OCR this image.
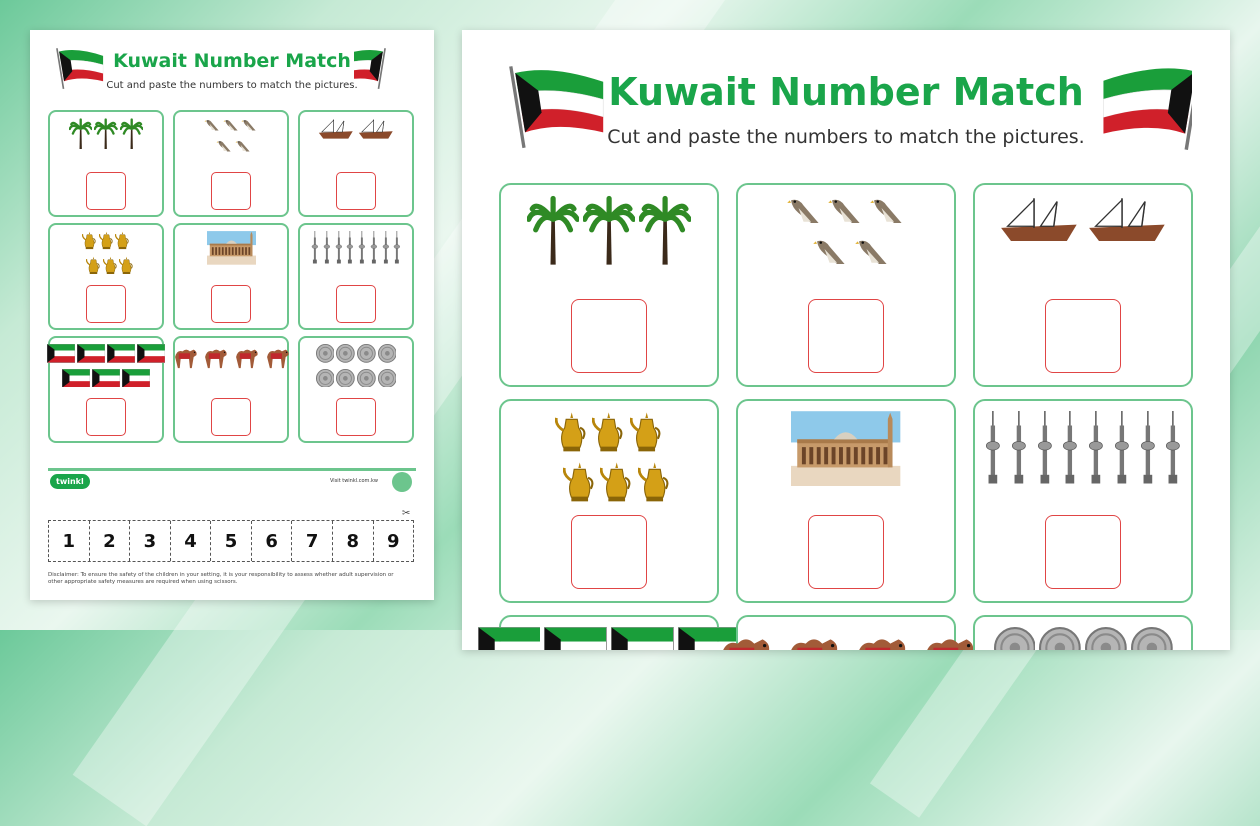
Kuwait Number Match
Cut and paste the numbers to match the pictures.
twinkl	Visit twinkl.com.kw
✂
1	2	3	4	5	6	7	8	9
Disclaimer: To ensure the safety of the children in your setting, it is your responsibility to assess whether adult supervision or other appropriate safety measures are required when using scissors.
Kuwait Number Match
Cut and paste the numbers to match the pictures.
